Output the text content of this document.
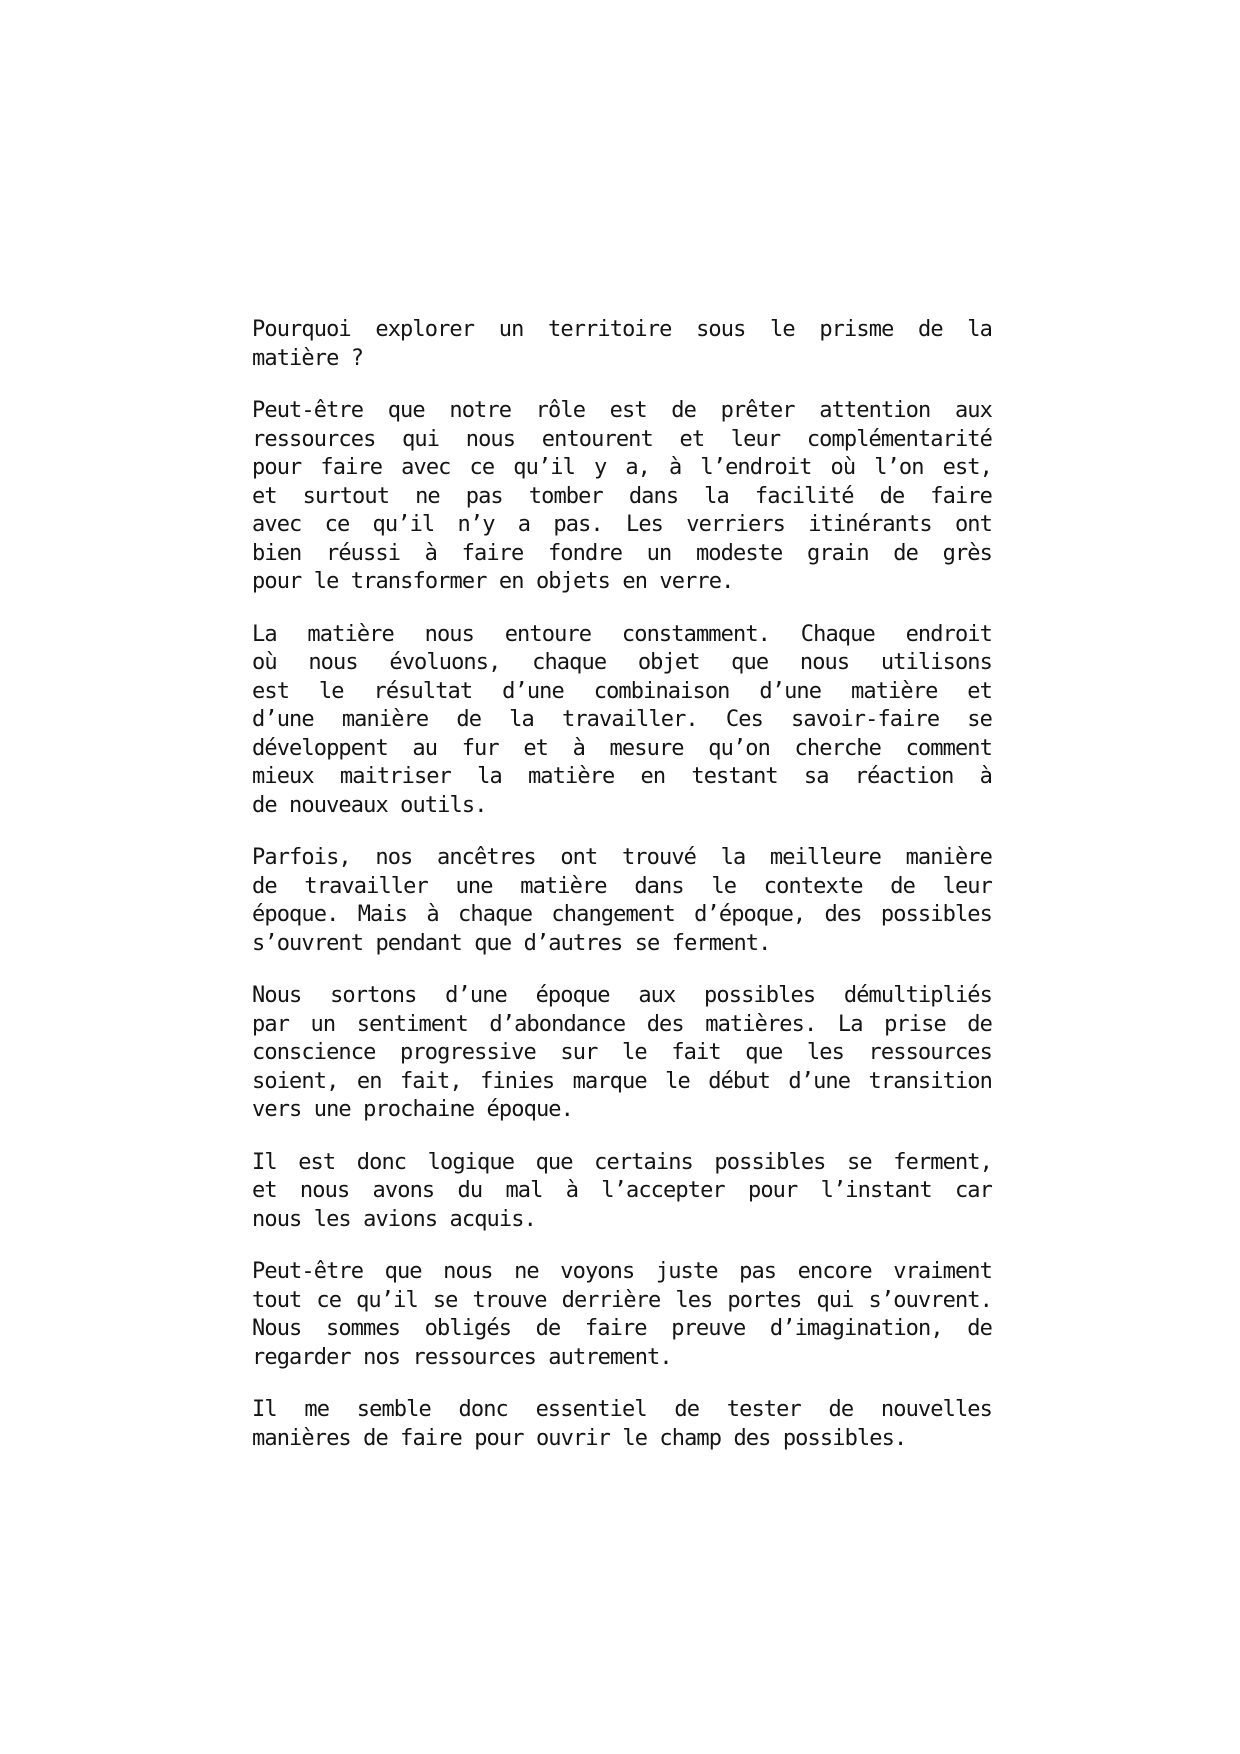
Pourquoi explorer un territoire sous le prisme de la
matière ?
Peut-être que notre rôle est de prêter attention aux
ressources qui nous entourent et leur complémentarité
pour faire avec ce qu’il y a, à l’endroit où l’on est,
et surtout ne pas tomber dans la facilité de faire
avec ce qu’il n’y a pas. Les verriers itinérants ont
bien réussi à faire fondre un modeste grain de grès
pour le transformer en objets en verre.
La matière nous entoure constamment. Chaque endroit
où nous évoluons, chaque objet que nous utilisons
est le résultat d’une combinaison d’une matière et
d’une manière de la travailler. Ces savoir-faire se
développent au fur et à mesure qu’on cherche comment
mieux maitriser la matière en testant sa réaction à
de nouveaux outils.
Parfois, nos ancêtres ont trouvé la meilleure manière
de travailler une matière dans le contexte de leur
époque. Mais à chaque changement d’époque, des possibles
s’ouvrent pendant que d’autres se ferment.
Nous sortons d’une époque aux possibles démultipliés
par un sentiment d’abondance des matières. La prise de
conscience progressive sur le fait que les ressources
soient, en fait, finies marque le début d’une transition
vers une prochaine époque.
Il est donc logique que certains possibles se ferment,
et nous avons du mal à l’accepter pour l’instant car
nous les avions acquis.
Peut-être que nous ne voyons juste pas encore vraiment
tout ce qu’il se trouve derrière les portes qui s’ouvrent.
Nous sommes obligés de faire preuve d’imagination, de
regarder nos ressources autrement.
Il me semble donc essentiel de tester de nouvelles
manières de faire pour ouvrir le champ des possibles.
